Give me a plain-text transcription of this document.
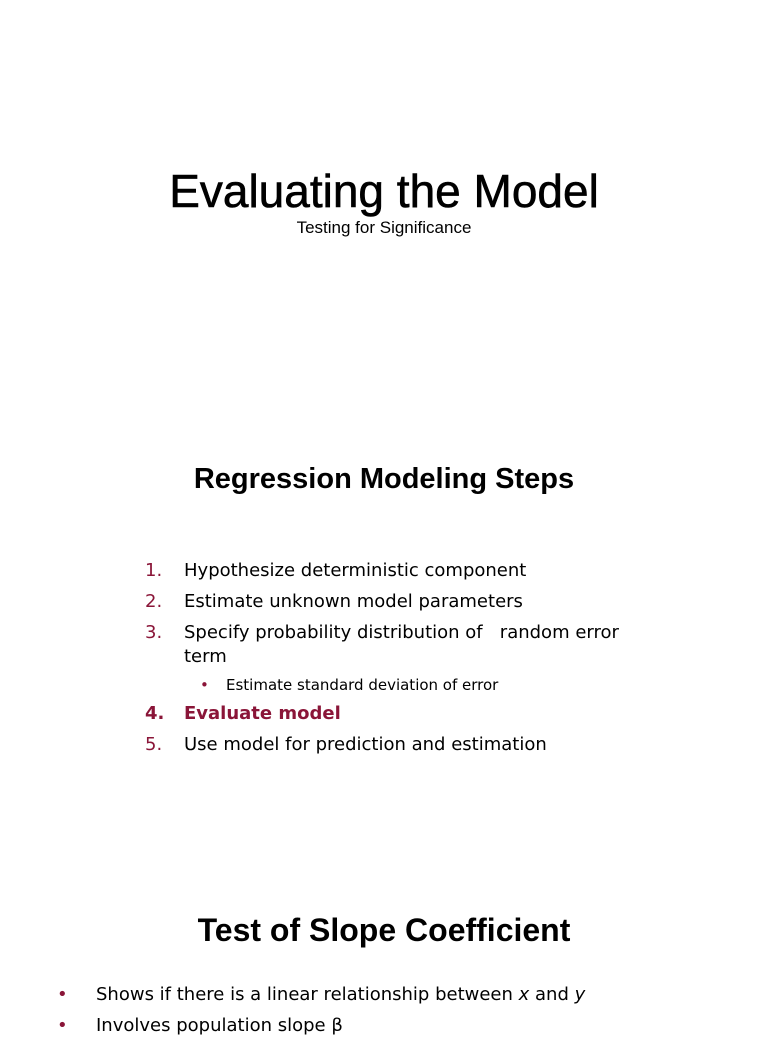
Evaluating the Model

Testing for Significance

Regression Modeling Steps
1. Hypothesize deterministic component
2. Estimate unknown model parameters
3. Specify probability distribution of   random error term
• Estimate standard deviation of error
4. Evaluate model
5. Use model for prediction and estimation
Test of Slope Coefficient
• Shows if there is a linear relationship between x and y
• Involves population slope β
